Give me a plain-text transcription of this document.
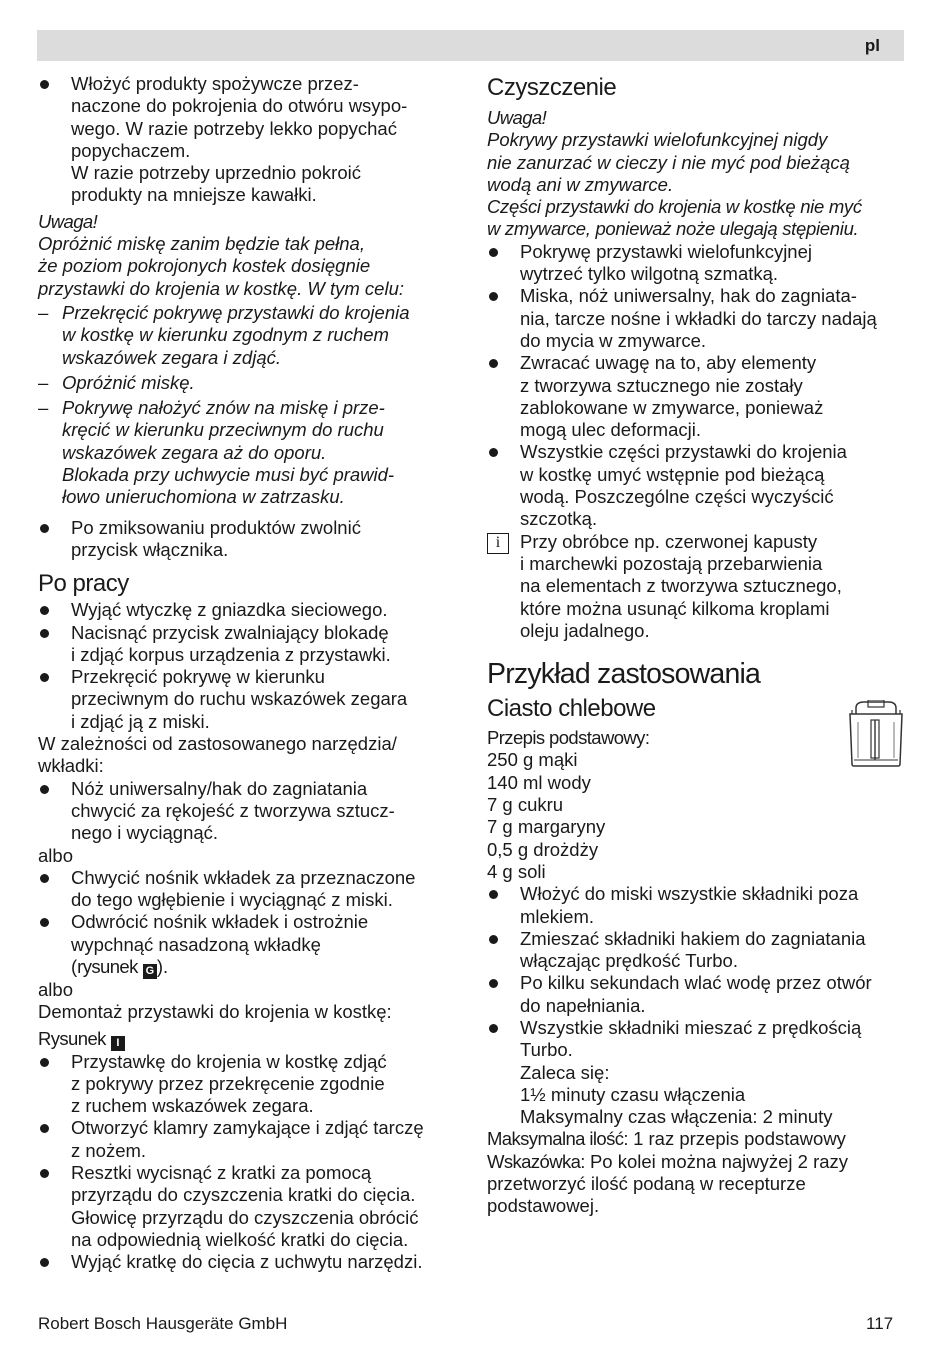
pl
Włożyć produkty spożywcze przez-
naczone do pokrojenia do otwóru wsypo-
wego. W razie potrzeby lekko popychać
popychaczem.
W razie potrzeby uprzednio pokroić
produkty na mniejsze kawałki.
Uwaga!
Opróżnić miskę zanim będzie tak pełna,
że poziom pokrojonych kostek dosięgnie
przystawki do krojenia w kostkę. W tym celu:
– Przekręcić pokrywę przystawki do krojenia
w kostkę w kierunku zgodnym z ruchem
wskazówek zegara i zdjąć.
– Opróżnić miskę.
– Pokrywę nałożyć znów na miskę i prze-
kręcić w kierunku przeciwnym do ruchu
wskazówek zegara aż do oporu.
Blokada przy uchwycie musi być prawid-
łowo unieruchomiona w zatrzasku.
Po zmiksowaniu produktów zwolnić
przycisk włącznika.
Po pracy
Wyjąć wtyczkę z gniazdka sieciowego.
Nacisnąć przycisk zwalniający blokadę
i zdjąć korpus urządzenia z przystawki.
Przekręcić pokrywę w kierunku
przeciwnym do ruchu wskazówek zegara
i zdjąć ją z miski.
W zależności od zastosowanego narzędzia/
wkładki:
Nóż uniwersalny/hak do zagniatania
chwycić za rękojeść z tworzywa sztucz-
nego i wyciągnąć.
albo
Chwycić nośnik wkładek za przeznaczone
do tego wgłębienie i wyciągnąć z miski.
Odwrócić nośnik wkładek i ostrożnie
wypchnąć nasadzoną wkładkę
(rysunek G ).
albo
Demontaż przystawki do krojenia w kostkę:
Rysunek I
Przystawkę do krojenia w kostkę zdjąć
z pokrywy przez przekręcenie zgodnie
z ruchem wskazówek zegara.
Otworzyć klamry zamykające i zdjąć tarczę
z nożem.
Resztki wycisnąć z kratki za pomocą
przyrządu do czyszczenia kratki do cięcia.
Głowicę przyrządu do czyszczenia obrócić
na odpowiednią wielkość kratki do cięcia.
Wyjąć kratkę do cięcia z uchwytu narzędzi.
Czyszczenie
Uwaga!
Pokrywy przystawki wielofunkcyjnej nigdy
nie zanurzać w cieczy i nie myć pod bieżącą
wodą ani w zmywarce.
Części przystawki do krojenia w kostkę nie myć
w zmywarce, ponieważ noże ulegają stępieniu.
Pokrywę przystawki wielofunkcyjnej
wytrzeć tylko wilgotną szmatką.
Miska, nóż uniwersalny, hak do zagniata-
nia, tarcze nośne i wkładki do tarczy nadają
do mycia w zmywarce.
Zwracać uwagę na to, aby elementy
z tworzywa sztucznego nie zostały
zablokowane w zmywarce, ponieważ
mogą ulec deformacji.
Wszystkie części przystawki do krojenia
w kostkę umyć wstępnie pod bieżącą
wodą. Poszczególne części wyczyścić
szczotką.
i	Przy obróbce np. czerwonej kapusty
i marchewki pozostają przebarwienia
na elementach z tworzywa sztucznego,
które można usunąć kilkoma kroplami
oleju jadalnego.
Przykład zastosowania
Ciasto chlebowe
Przepis podstawowy:
250 g mąki
140 ml wody
7 g cukru
7 g margaryny
0,5 g drożdży
4 g soli
Włożyć do miski wszystkie składniki poza
mlekiem.
Zmieszać składniki hakiem do zagniatania
włączając prędkość Turbo.
Po kilku sekundach wlać wodę przez otwór
do napełniania.
Wszystkie składniki mieszać z prędkością
Turbo.
Zaleca się:
1½ minuty czasu włączenia
Maksymalny czas włączenia: 2 minuty
Maksymalna ilość: 1 raz przepis podstawowy
Wskazówka: Po kolei można najwyżej 2 razy
przetworzyć ilość podaną w recepturze
podstawowej.
Robert Bosch Hausgeräte GmbH	117
